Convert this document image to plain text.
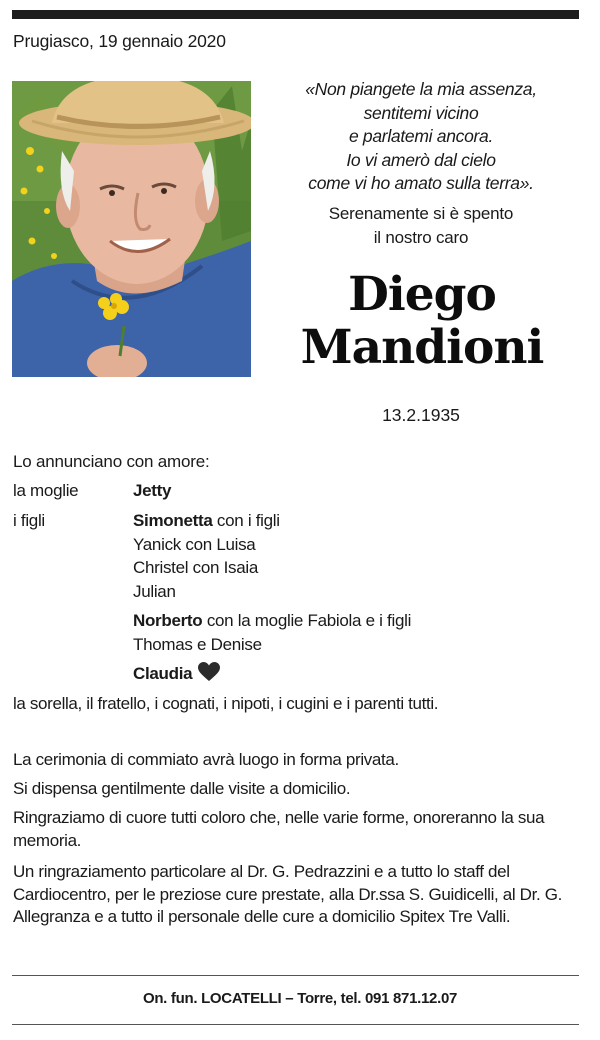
Prugiasco, 19 gennaio 2020
«Non piangete la mia assenza,
sentitemi vicino
e parlatemi ancora.
Io vi amerò dal cielo
come vi ho amato sulla terra».
Serenamente si è spento
il nostro caro
Diego
Mandioni
13.2.1935
Lo annunciano con amore:
la moglie	Jetty
i figli	Simonetta con i figli
Yanick con Luisa
Christel con Isaia
Julian
Norberto con la moglie Fabiola e i figli
Thomas e Denise
Claudia
la sorella, il fratello, i cognati, i nipoti, i cugini e i parenti tutti.
La cerimonia di commiato avrà luogo in forma privata.
Si dispensa gentilmente dalle visite a domicilio.
Ringraziamo di cuore tutti coloro che, nelle varie forme, onoreranno la sua memoria.
Un ringraziamento particolare al Dr. G. Pedrazzini e a tutto lo staff del Cardiocentro, per le preziose cure prestate, alla Dr.ssa S. Guidicelli, al Dr. G. Allegranza e a tutto il personale delle cure a domicilio Spitex Tre Valli.
On. fun. LOCATELLI – Torre, tel. 091 871.12.07
